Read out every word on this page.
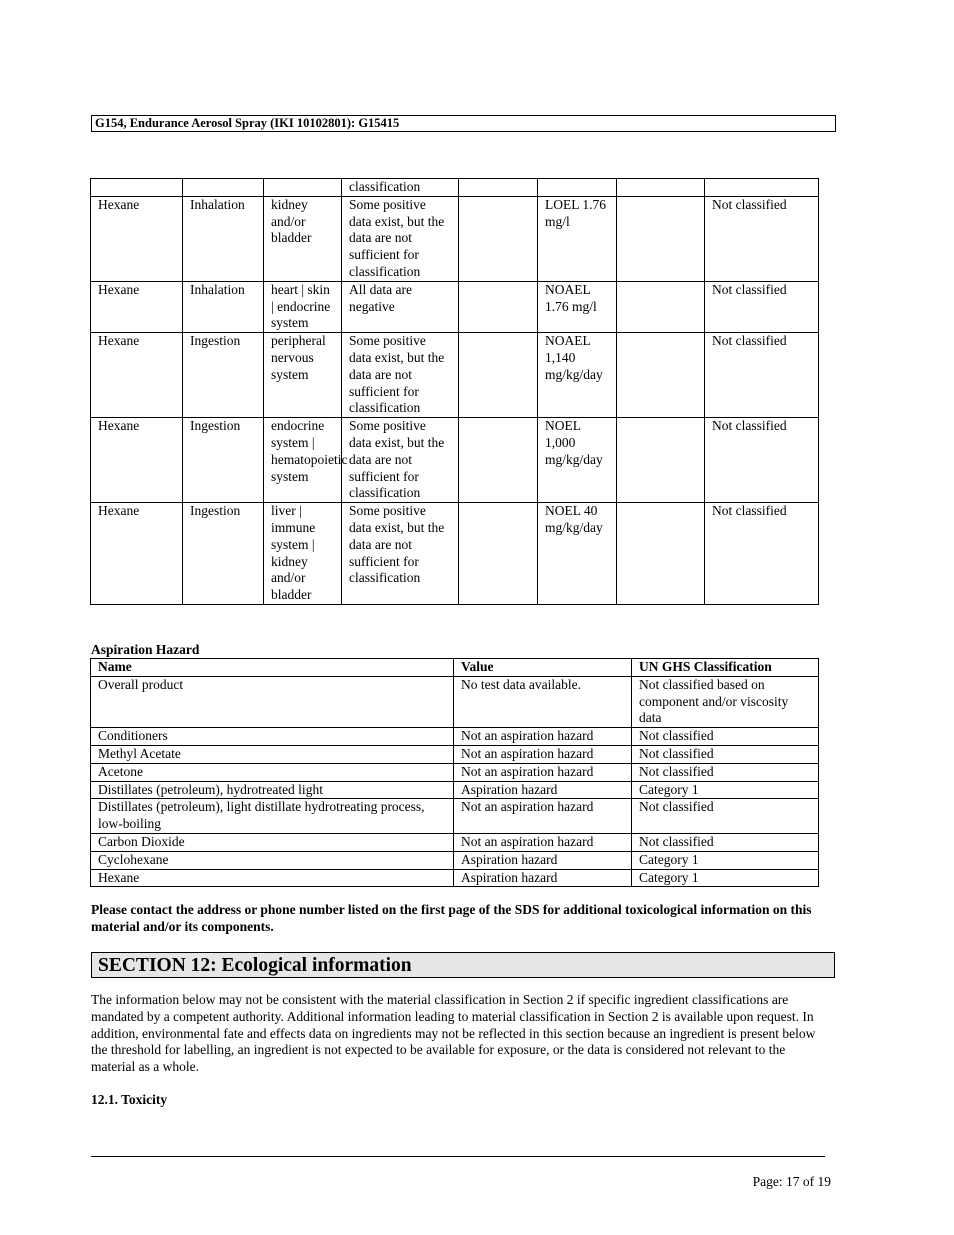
G154, Endurance Aerosol Spray (IKI 10102801): G15415
			classification				
Hexane	Inhalation	kidney and/or bladder	Some positive data exist, but the data are not sufficient for classification		LOEL 1.76 mg/l		Not classified
Hexane	Inhalation	heart | skin | endocrine system	All data are negative		NOAEL 1.76 mg/l		Not classified
Hexane	Ingestion	peripheral nervous system	Some positive data exist, but the data are not sufficient for classification		NOAEL 1,140 mg/kg/day		Not classified
Hexane	Ingestion	endocrine system | hematopoietic system	Some positive data exist, but the data are not sufficient for classification		NOEL 1,000 mg/kg/day		Not classified
Hexane	Ingestion	liver | immune system | kidney and/or bladder	Some positive data exist, but the data are not sufficient for classification		NOEL 40 mg/kg/day		Not classified
Aspiration Hazard
Name	Value	UN GHS Classification
Overall product	No test data available.	Not classified based on component and/or viscosity data
Conditioners	Not an aspiration hazard	Not classified
Methyl Acetate	Not an aspiration hazard	Not classified
Acetone	Not an aspiration hazard	Not classified
Distillates (petroleum), hydrotreated light	Aspiration hazard	Category 1
Distillates (petroleum), light distillate hydrotreating process, low-boiling	Not an aspiration hazard	Not classified
Carbon Dioxide	Not an aspiration hazard	Not classified
Cyclohexane	Aspiration hazard	Category 1
Hexane	Aspiration hazard	Category 1
Please contact the address or phone number listed on the first page of the SDS for additional toxicological information on this material and/or its components.
SECTION 12: Ecological information
The information below may not be consistent with the material classification in Section 2 if specific ingredient classifications are mandated by a competent authority. Additional information leading to material classification in Section 2 is available upon request. In addition, environmental fate and effects data on ingredients may not be reflected in this section because an ingredient is present below the threshold for labelling, an ingredient is not expected to be available for exposure, or the data is considered not relevant to the material as a whole.
12.1. Toxicity
Page: 17 of 19
